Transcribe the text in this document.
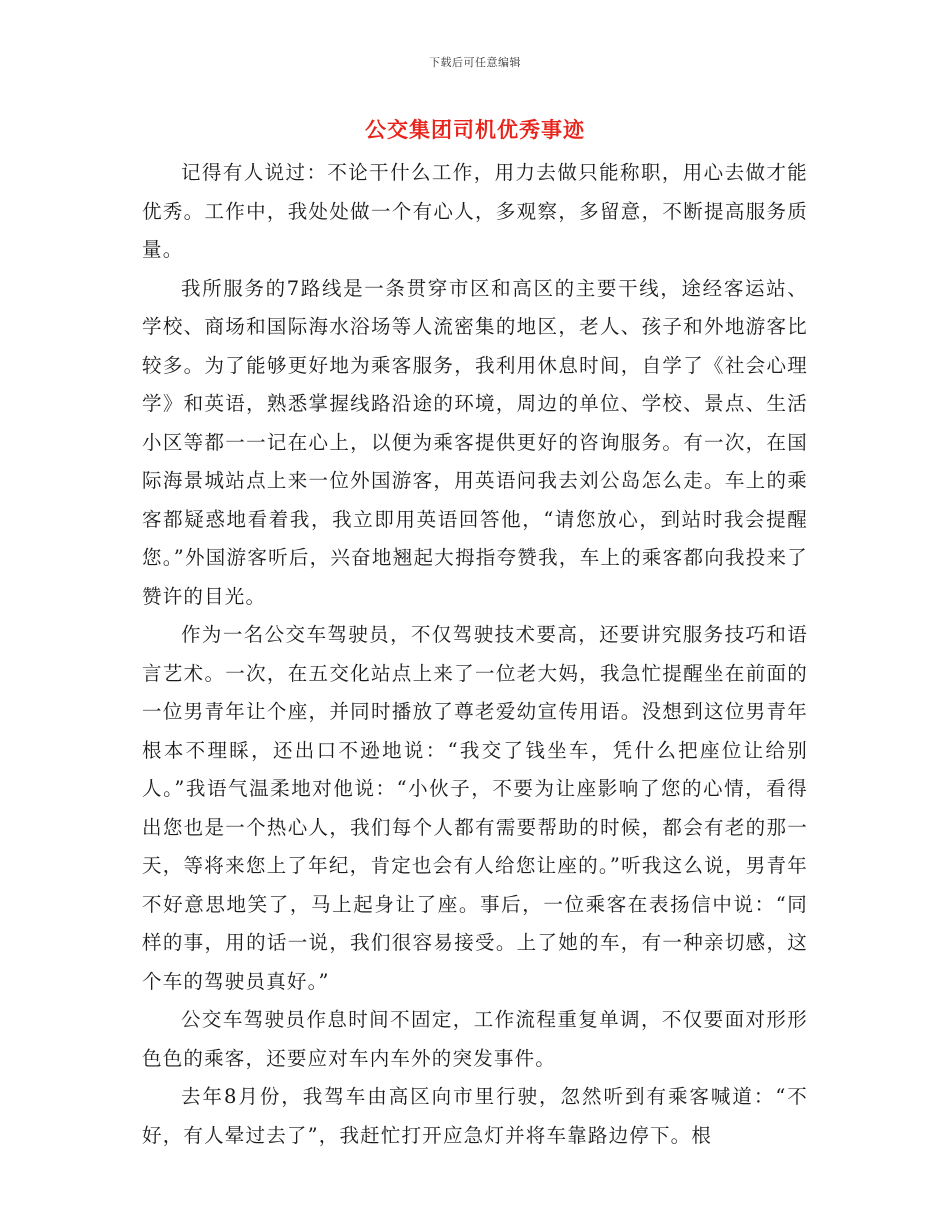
下载后可任意编辑
公交集团司机优秀事迹

记得有人说过：不论干什么工作，用力去做只能称职，用心去做才能优秀。工作中，我处处做一个有心人，多观察，多留意，不断提高服务质量。

我所服务的7路线是一条贯穿市区和高区的主要干线，途经客运站、学校、商场和国际海水浴场等人流密集的地区，老人、孩子和外地游客比较多。为了能够更好地为乘客服务，我利用休息时间，自学了《社会心理学》和英语，熟悉掌握线路沿途的环境，周边的单位、学校、景点、生活小区等都一一记在心上，以便为乘客提供更好的咨询服务。有一次，在国际海景城站点上来一位外国游客，用英语问我去刘公岛怎么走。车上的乘客都疑惑地看着我，我立即用英语回答他，“请您放心，到站时我会提醒您。”外国游客听后，兴奋地翘起大拇指夸赞我，车上的乘客都向我投来了赞许的目光。

作为一名公交车驾驶员，不仅驾驶技术要高，还要讲究服务技巧和语言艺术。一次，在五交化站点上来了一位老大妈，我急忙提醒坐在前面的一位男青年让个座，并同时播放了尊老爱幼宣传用语。没想到这位男青年根本不理睬，还出口不逊地说：“我交了钱坐车，凭什么把座位让给别人。”我语气温柔地对他说：“小伙子，不要为让座影响了您的心情，看得出您也是一个热心人，我们每个人都有需要帮助的时候，都会有老的那一天，等将来您上了年纪，肯定也会有人给您让座的。”听我这么说，男青年不好意思地笑了，马上起身让了座。事后，一位乘客在表扬信中说：“同样的事，用的话一说，我们很容易接受。上了她的车，有一种亲切感，这个车的驾驶员真好。”

公交车驾驶员作息时间不固定，工作流程重复单调，不仅要面对形形色色的乘客，还要应对车内车外的突发事件。

去年8月份，我驾车由高区向市里行驶，忽然听到有乘客喊道：“不好，有人晕过去了”，我赶忙打开应急灯并将车靠路边停下。根
